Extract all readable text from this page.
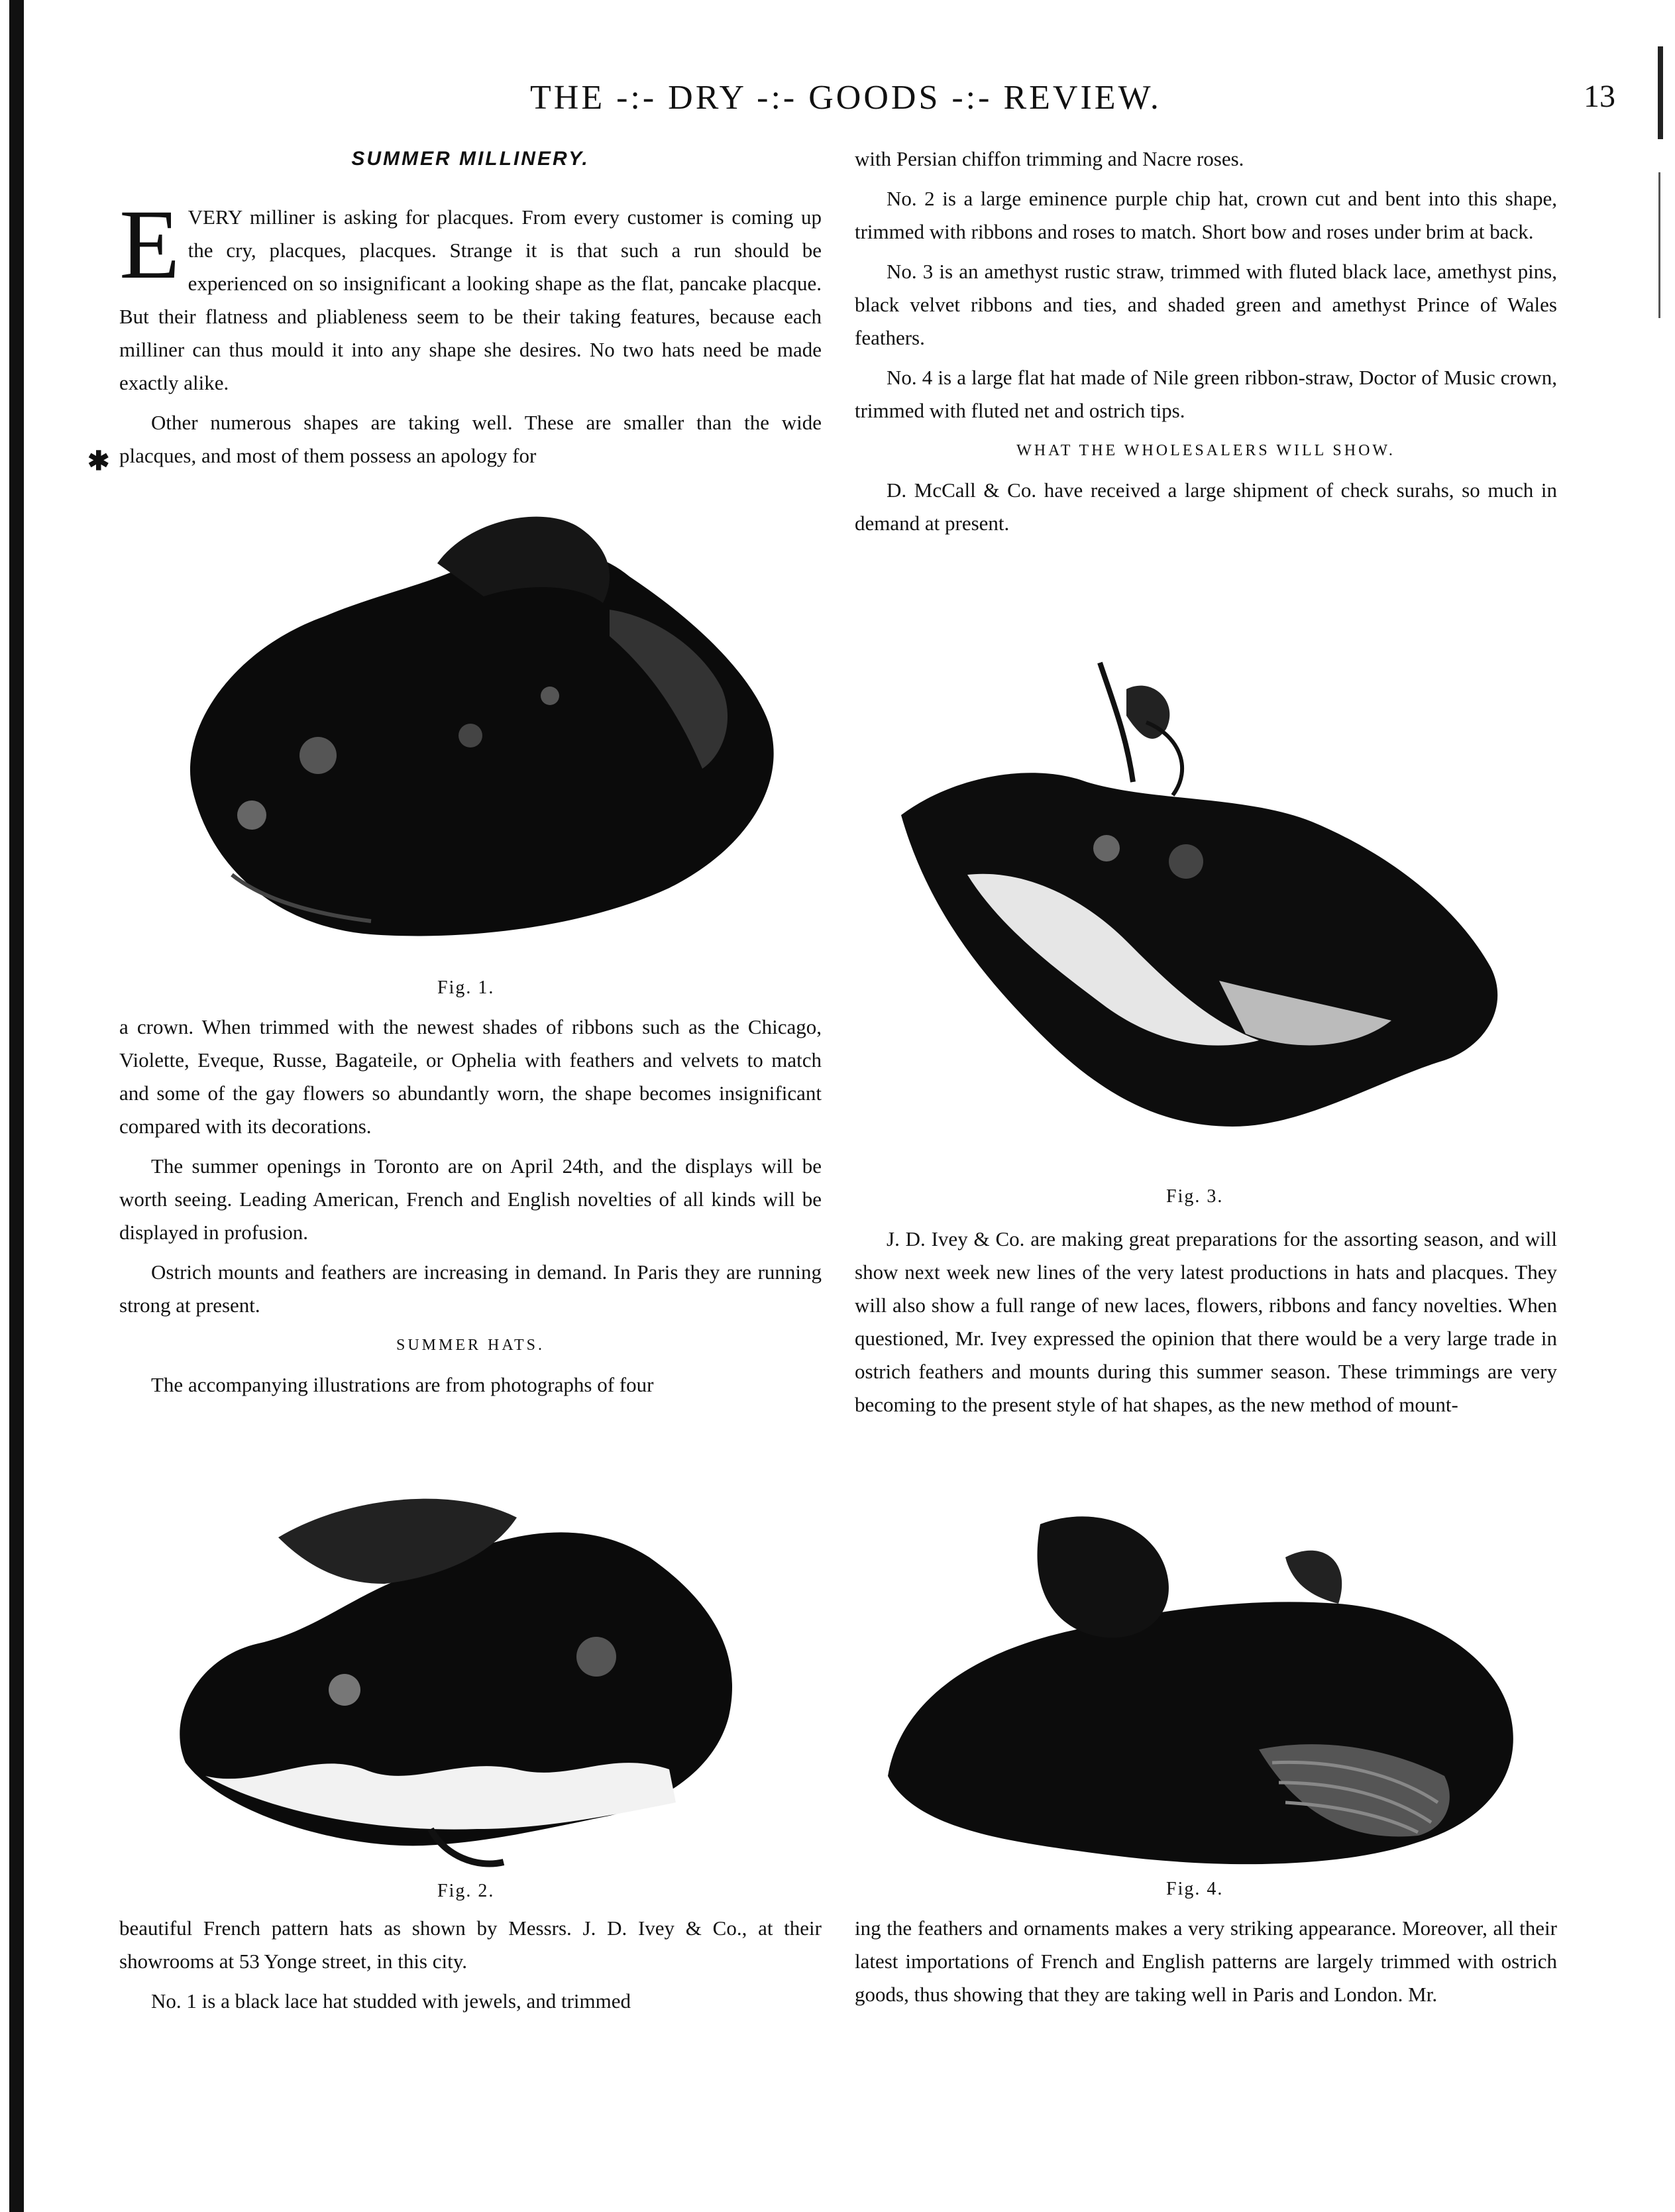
THE -:- DRY -:- GOODS -:- REVIEW.	13
SUMMER MILLINERY.

EVERY milliner is asking for placques. From every customer is coming up the cry, placques, placques. Strange it is that such a run should be experienced on so insignificant a looking shape as the flat, pancake placque. But their flatness and pliableness seem to be their taking features, because each milliner can thus mould it into any shape she desires. No two hats need be made exactly alike.

Other numerous shapes are taking well. These are smaller than the wide placques, and most of them possess an apology for

✱
Fig. 1.

a crown. When trimmed with the newest shades of ribbons such as the Chicago, Violette, Eveque, Russe, Bagateile, or Ophelia with feathers and velvets to match and some of the gay flowers so abundantly worn, the shape becomes insignificant compared with its decorations.

The summer openings in Toronto are on April 24th, and the displays will be worth seeing. Leading American, French and English novelties of all kinds will be displayed in profusion.

Ostrich mounts and feathers are increasing in demand. In Paris they are running strong at present.

SUMMER HATS.

The accompanying illustrations are from photographs of four

Fig. 2.

beautiful French pattern hats as shown by Messrs. J. D. Ivey & Co., at their showrooms at 53 Yonge street, in this city.

No. 1 is a black lace hat studded with jewels, and trimmed

with Persian chiffon trimming and Nacre roses.

No. 2 is a large eminence purple chip hat, crown cut and bent into this shape, trimmed with ribbons and roses to match. Short bow and roses under brim at back.

No. 3 is an amethyst rustic straw, trimmed with fluted black lace, amethyst pins, black velvet ribbons and ties, and shaded green and amethyst Prince of Wales feathers.

No. 4 is a large flat hat made of Nile green ribbon-straw, Doctor of Music crown, trimmed with fluted net and ostrich tips.

WHAT THE WHOLESALERS WILL SHOW.

D. McCall & Co. have received a large shipment of check surahs, so much in demand at present.

Fig. 3.

J. D. Ivey & Co. are making great preparations for the assorting season, and will show next week new lines of the very latest productions in hats and placques. They will also show a full range of new laces, flowers, ribbons and fancy novelties. When questioned, Mr. Ivey expressed the opinion that there would be a very large trade in ostrich feathers and mounts during this summer season. These trimmings are very becoming to the present style of hat shapes, as the new method of mount-

Fig. 4.

ing the feathers and ornaments makes a very striking appearance. Moreover, all their latest importations of French and English patterns are largely trimmed with ostrich goods, thus showing that they are taking well in Paris and London. Mr.
